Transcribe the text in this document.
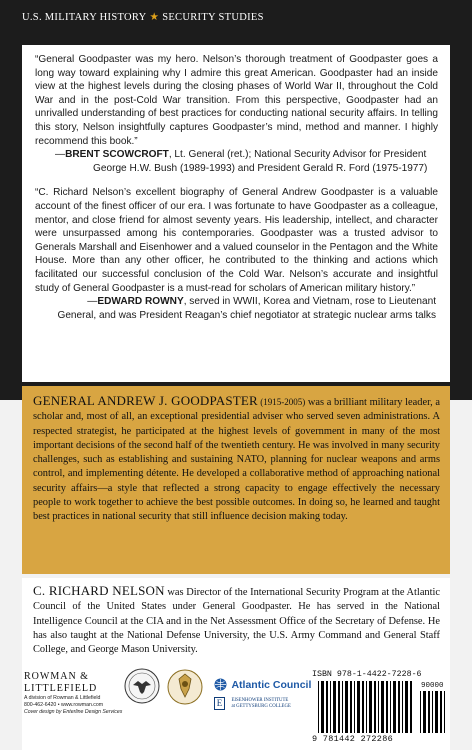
U.S. MILITARY HISTORY ★ SECURITY STUDIES

“General Goodpaster was my hero. Nelson’s thorough treatment of Goodpaster goes a long way toward explaining why I admire this great American. Goodpaster had an inside view at the highest levels during the closing phases of World War II, throughout the Cold War and in the post-Cold War transition. From this perspective, Goodpaster had an unrivalled understanding of best practices for conducting national security affairs. In telling this story, Nelson insightfully captures Goodpaster’s mind, method and manner. I highly recommend this book.”

—BRENT SCOWCROFT, Lt. General (ret.); National Security Advisor for President
George H.W. Bush (1989-1993) and President Gerald R. Ford (1975-1977)

“C. Richard Nelson’s excellent biography of General Andrew Goodpaster is a valuable account of the finest officer of our era. I was fortunate to have Goodpaster as a colleague, mentor, and close friend for almost seventy years. His leadership, intellect, and character were unsurpassed among his contemporaries. Goodpaster was a trusted advisor to Generals Marshall and Eisenhower and a valued counselor in the Pentagon and the White House. More than any other officer, he contributed to the thinking and actions which facilitated our successful conclusion of the Cold War. Nelson’s accurate and insightful study of General Goodpaster is a must-read for scholars of American military history.”

—EDWARD ROWNY, served in WWII, Korea and Vietnam, rose to Lieutenant
General, and was President Reagan’s chief negotiator at strategic nuclear arms talks

GENERAL ANDREW J. GOODPASTER (1915-2005) was a brilliant military leader, a scholar and, most of all, an exceptional presidential adviser who served seven administrations. A respected strategist, he participated at the highest levels of government in many of the most important decisions of the second half of the twentieth century. He was involved in many security challenges, such as establishing and sustaining NATO, planning for nuclear weapons and arms control, and implementing détente. He developed a collaborative method of approaching national security affairs—a style that reflected a strong capacity to engage effectively the necessary people to work together to achieve the best possible outcomes. In doing so, he learned and taught best practices in national security that still influence decision making today.

C. RICHARD NELSON was Director of the International Security Program at the Atlantic Council of the United States under General Goodpaster. He has served in the National Intelligence Council at the CIA and in the Net Assessment Office of the Secretary of Defense. He has also taught at the National Defense University, the U.S. Army Command and General Staff College, and George Mason University.

ROWMAN &
LITTLEFIELD
A division of Rowman & Littlefield
800-462-6420 • www.rowman.com
Cover design by Enterline Design Services
Atlantic Council
E EISENHOWER INSTITUTE
at GETTYSBURG COLLEGE
ISBN 978-1-4422-7228-6
90000
9 781442 272286
